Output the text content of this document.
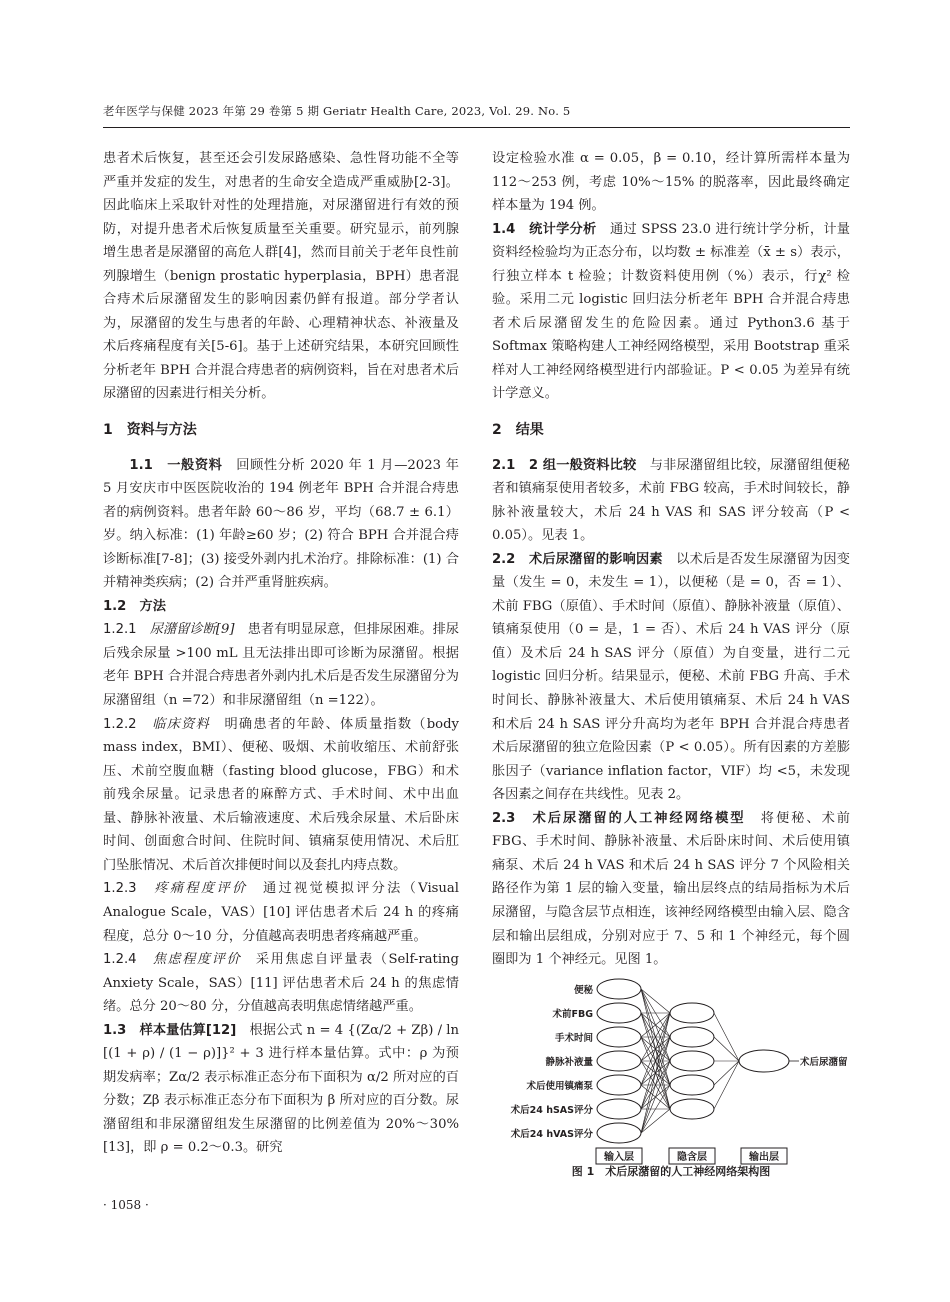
老年医学与保健 2023 年第 29 卷第 5 期 Geriatr Health Care, 2023, Vol. 29. No. 5

患者术后恢复，甚至还会引发尿路感染、急性肾功能不全等严重并发症的发生，对患者的生命安全造成严重威胁[2-3]。因此临床上采取针对性的处理措施，对尿潴留进行有效的预防，对提升患者术后恢复质量至关重要。研究显示，前列腺增生患者是尿潴留的高危人群[4]，然而目前关于老年良性前列腺增生（benign prostatic hyperplasia，BPH）患者混合痔术后尿潴留发生的影响因素仍鲜有报道。部分学者认为，尿潴留的发生与患者的年龄、心理精神状态、补液量及术后疼痛程度有关[5-6]。基于上述研究结果，本研究回顾性分析老年 BPH 合并混合痔患者的病例资料，旨在对患者术后尿潴留的因素进行相关分析。

1　资料与方法

1.1　一般资料　回顾性分析 2020 年 1 月—2023 年 5 月安庆市中医医院收治的 194 例老年 BPH 合并混合痔患者的病例资料。患者年龄 60～86 岁，平均（68.7 ± 6.1）岁。纳入标准：(1) 年龄≥60 岁；(2) 符合 BPH 合并混合痔诊断标准[7-8]；(3) 接受外剥内扎术治疗。排除标准：(1) 合并精神类疾病；(2) 合并严重肾脏疾病。

1.2　方法

1.2.1　尿潴留诊断[9]　患者有明显尿意，但排尿困难。排尿后残余尿量 >100 mL 且无法排出即可诊断为尿潴留。根据老年 BPH 合并混合痔患者外剥内扎术后是否发生尿潴留分为尿潴留组（n =72）和非尿潴留组（n =122）。

1.2.2　临床资料　明确患者的年龄、体质量指数（body mass index，BMI）、便秘、吸烟、术前收缩压、术前舒张压、术前空腹血糖（fasting blood glucose，FBG）和术前残余尿量。记录患者的麻醉方式、手术时间、术中出血量、静脉补液量、术后输液速度、术后残余尿量、术后卧床时间、创面愈合时间、住院时间、镇痛泵使用情况、术后肛门坠胀情况、术后首次排便时间以及套扎内痔点数。

1.2.3　疼痛程度评价　通过视觉模拟评分法（Visual Analogue Scale，VAS）[10] 评估患者术后 24 h 的疼痛程度，总分 0～10 分，分值越高表明患者疼痛越严重。

1.2.4　焦虑程度评价　采用焦虑自评量表（Self-rating Anxiety Scale，SAS）[11] 评估患者术后 24 h 的焦虑情绪。总分 20～80 分，分值越高表明焦虑情绪越严重。

1.3　样本量估算[12]　根据公式 n = 4 {(Zα/2 + Zβ) / ln [(1 + ρ) / (1 − ρ)]}² + 3 进行样本量估算。式中：ρ 为预期发病率；Zα/2 表示标准正态分布下面积为 α/2 所对应的百分数；Zβ 表示标准正态分布下面积为 β 所对应的百分数。尿潴留组和非尿潴留组发生尿潴留的比例差值为 20%～30%[13]，即 ρ = 0.2～0.3。研究

设定检验水准 α = 0.05，β = 0.10，经计算所需样本量为 112～253 例，考虑 10%～15% 的脱落率，因此最终确定样本量为 194 例。

1.4　统计学分析　通过 SPSS 23.0 进行统计学分析，计量资料经检验均为正态分布，以均数 ± 标准差（x̄ ± s）表示，行独立样本 t 检验；计数资料使用例（%）表示，行χ² 检验。采用二元 logistic 回归法分析老年 BPH 合并混合痔患者术后尿潴留发生的危险因素。通过 Python3.6 基于 Softmax 策略构建人工神经网络模型，采用 Bootstrap 重采样对人工神经网络模型进行内部验证。P < 0.05 为差异有统计学意义。

2　结果

2.1　2 组一般资料比较　与非尿潴留组比较，尿潴留组便秘者和镇痛泵使用者较多，术前 FBG 较高，手术时间较长，静脉补液量较大，术后 24 h VAS 和 SAS 评分较高（P < 0.05）。见表 1。

2.2　术后尿潴留的影响因素　以术后是否发生尿潴留为因变量（发生 = 0，未发生 = 1），以便秘（是 = 0，否 = 1）、术前 FBG（原值）、手术时间（原值）、静脉补液量（原值）、镇痛泵使用（0 = 是，1 = 否）、术后 24 h VAS 评分（原值）及术后 24 h SAS 评分（原值）为自变量，进行二元 logistic 回归分析。结果显示，便秘、术前 FBG 升高、手术时间长、静脉补液量大、术后使用镇痛泵、术后 24 h VAS 和术后 24 h SAS 评分升高均为老年 BPH 合并混合痔患者术后尿潴留的独立危险因素（P < 0.05）。所有因素的方差膨胀因子（variance inflation factor，VIF）均 <5，未发现各因素之间存在共线性。见表 2。

2.3　术后尿潴留的人工神经网络模型　将便秘、术前 FBG、手术时间、静脉补液量、术后卧床时间、术后使用镇痛泵、术后 24 h VAS 和术后 24 h SAS 评分 7 个风险相关路径作为第 1 层的输入变量，输出层终点的结局指标为术后尿潴留，与隐含层节点相连，该神经网络模型由输入层、隐含层和输出层组成，分别对应于 7、5 和 1 个神经元，每个圆圈即为 1 个神经元。见图 1。

便秘
术前FBG
手术时间
静脉补液量
术后使用镇痛泵
术后24 hSAS评分
术后24 hVAS评分
术后尿潴留
输入层	隐含层	输出层
图 1　术后尿潴留的人工神经网络架构图
· 1058 ·
